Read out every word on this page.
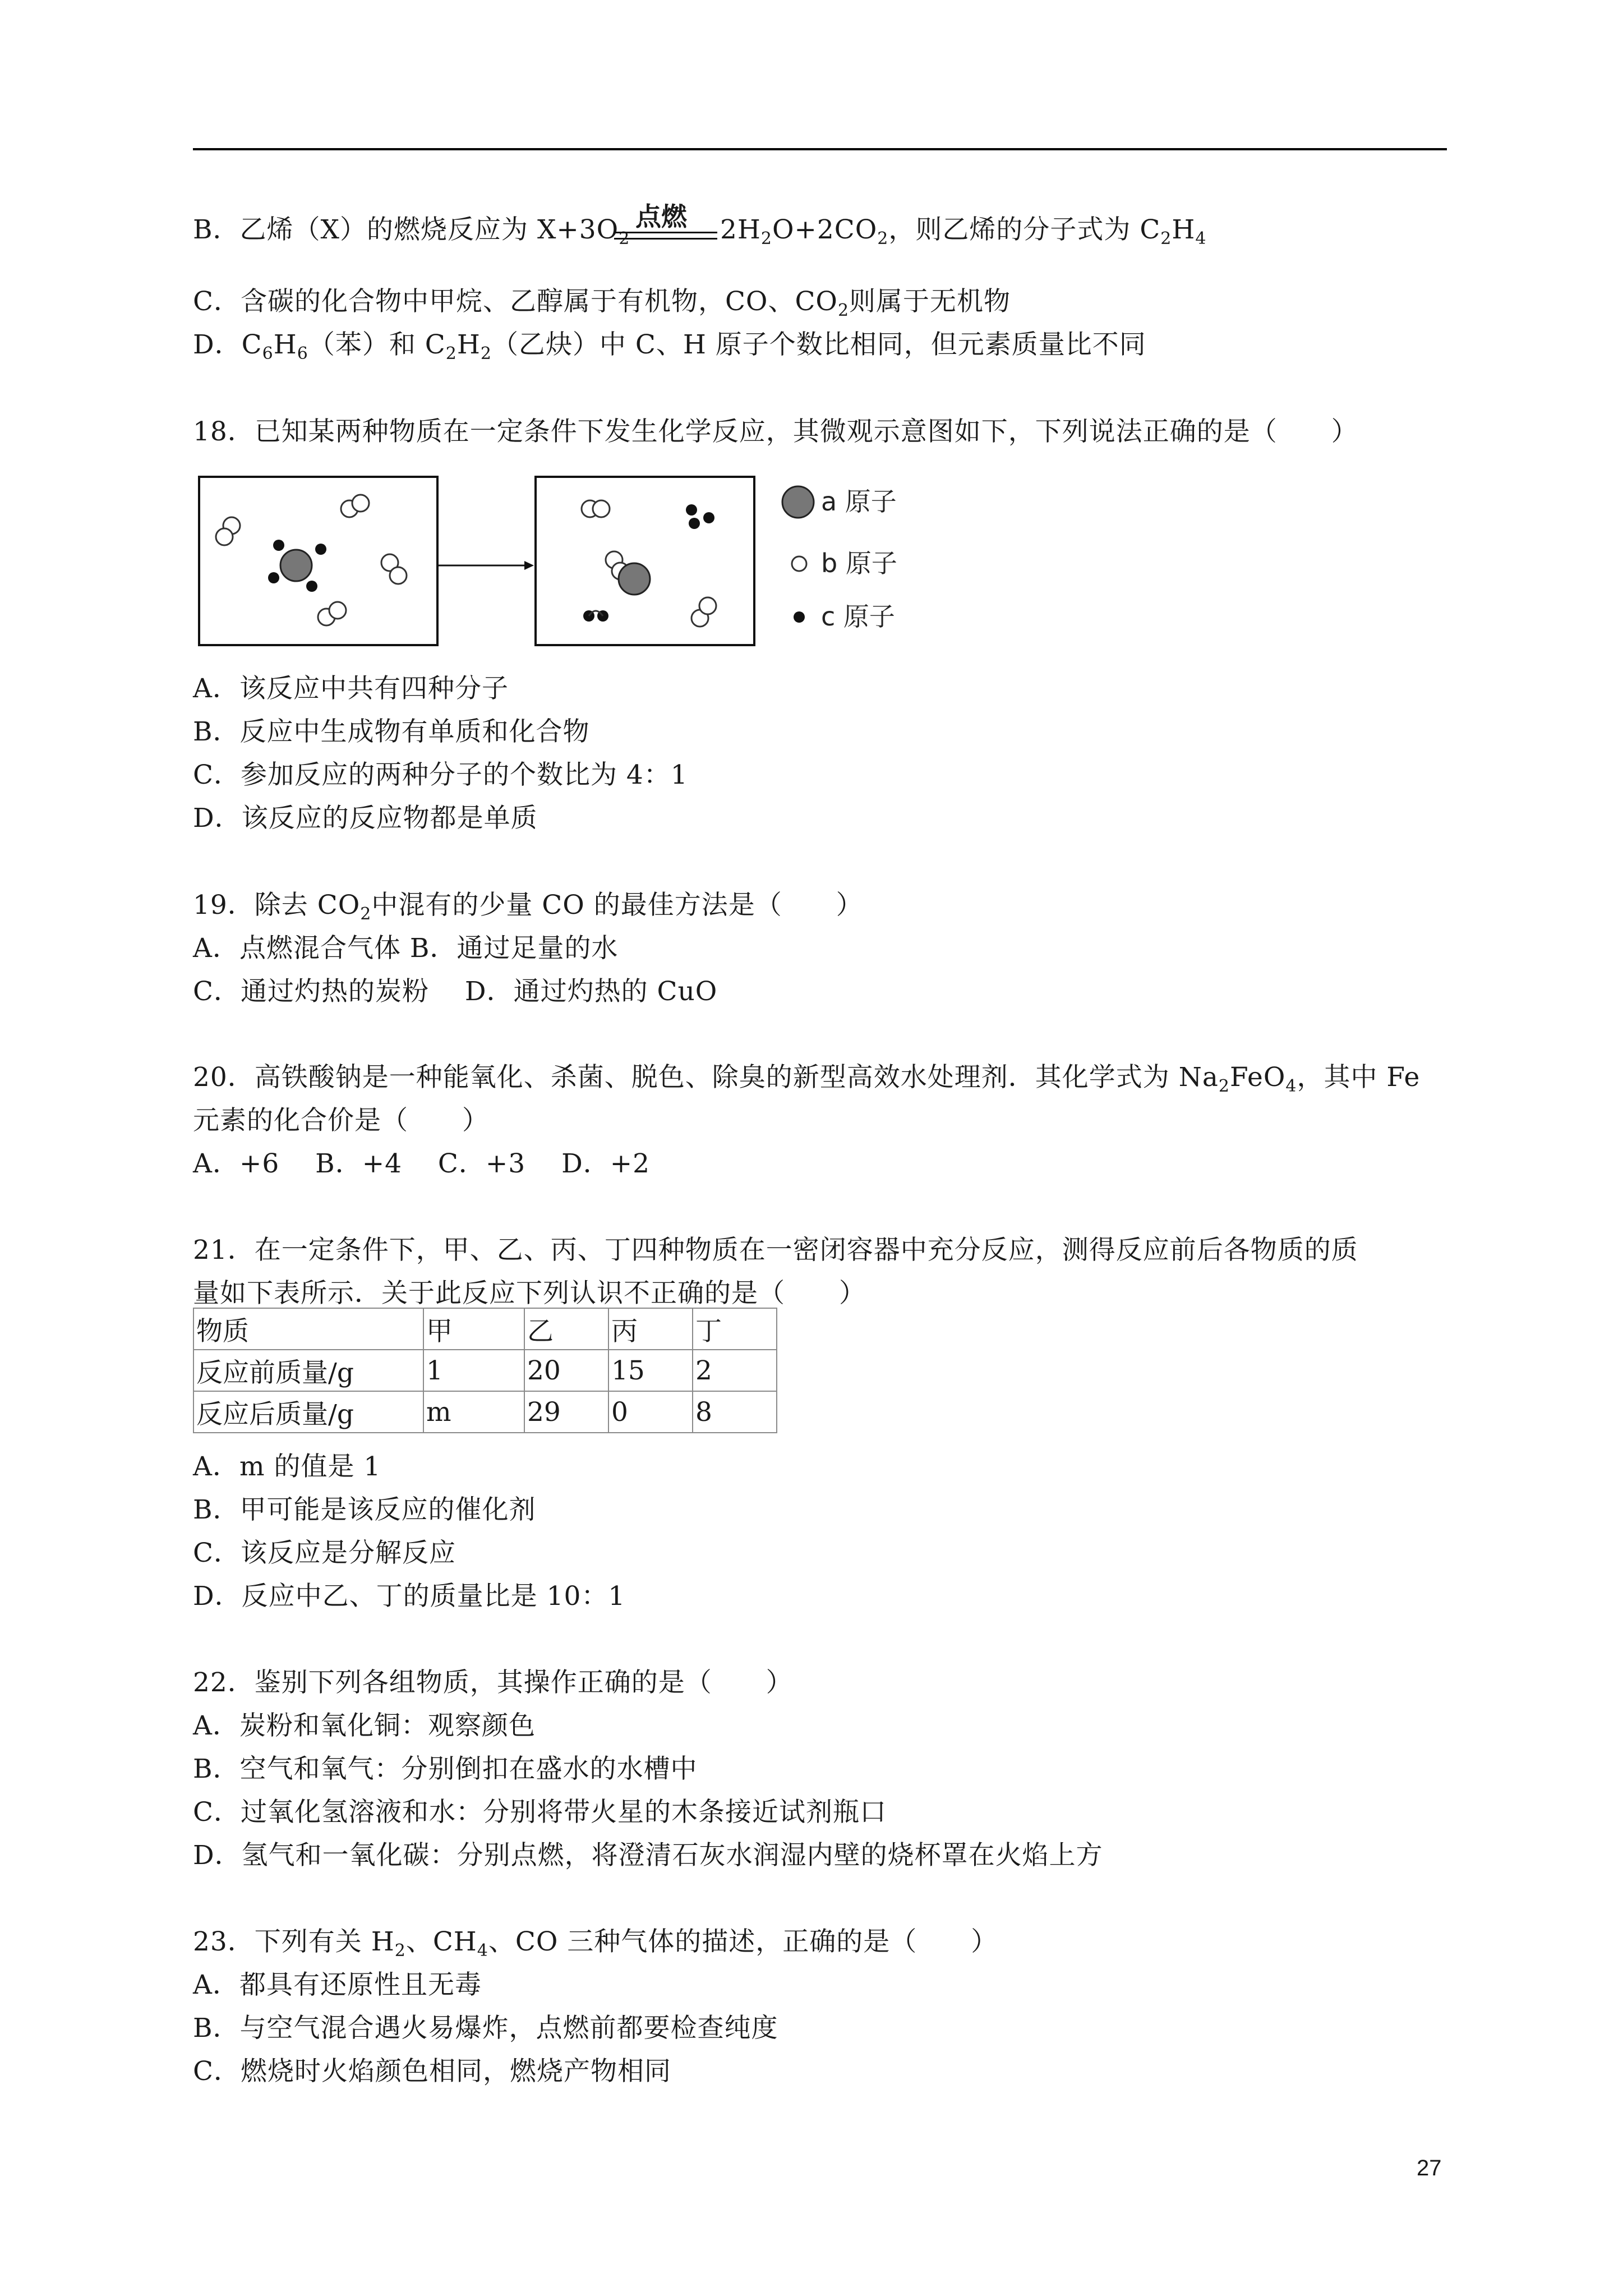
B．乙烯（X）的燃烧反应为 $X+3O_2$
点燃 $2H_2O+2CO_2$，则乙烯的分子式为 $C_2H_4$
C．含碳的化合物中甲烷、乙醇属于有机物，CO、$CO_2$则属于无机物
D．$C_6H_6$（苯）和 $C_2H_2$（乙炔）中 C、H 原子个数比相同，但元素质量比不同
18．已知某两种物质在一定条件下发生化学反应，其微观示意图如下，下列说法正确的是（　　）
a 原子
b 原子
c 原子
A．该反应中共有四种分子
B．反应中生成物有单质和化合物
C．参加反应的两种分子的个数比为 4：1
D．该反应的反应物都是单质
19．除去 $CO_2$中混有的少量 CO 的最佳方法是（　　）
A．点燃混合气体 B．通过足量的水
C．通过灼热的炭粉　 D．通过灼热的 CuO
20．高铁酸钠是一种能氧化、杀菌、脱色、除臭的新型高效水处理剂．其化学式为 $Na_2FeO_4$，其中 Fe
元素的化合价是（　　）
A．+6　 B．+4　 C．+3　 D．+2
21．在一定条件下，甲、乙、丙、丁四种物质在一密闭容器中充分反应，测得反应前后各物质的质
量如下表所示．关于此反应下列认识不正确的是（　　）
物质	甲	乙	丙	丁
反应前质量/g	1	20	15	2
反应后质量/g	m	29	0	8
A．m 的值是 1
B．甲可能是该反应的催化剂
C．该反应是分解反应
D．反应中乙、丁的质量比是 10：1
22．鉴别下列各组物质，其操作正确的是（　　）
A．炭粉和氧化铜：观察颜色
B．空气和氧气：分别倒扣在盛水的水槽中
C．过氧化氢溶液和水：分别将带火星的木条接近试剂瓶口
D．氢气和一氧化碳：分别点燃，将澄清石灰水润湿内壁的烧杯罩在火焰上方
23．下列有关 $H_2$、$CH_4$、CO 三种气体的描述，正确的是（　　）
A．都具有还原性且无毒
B．与空气混合遇火易爆炸，点燃前都要检查纯度
C．燃烧时火焰颜色相同，燃烧产物相同
27
